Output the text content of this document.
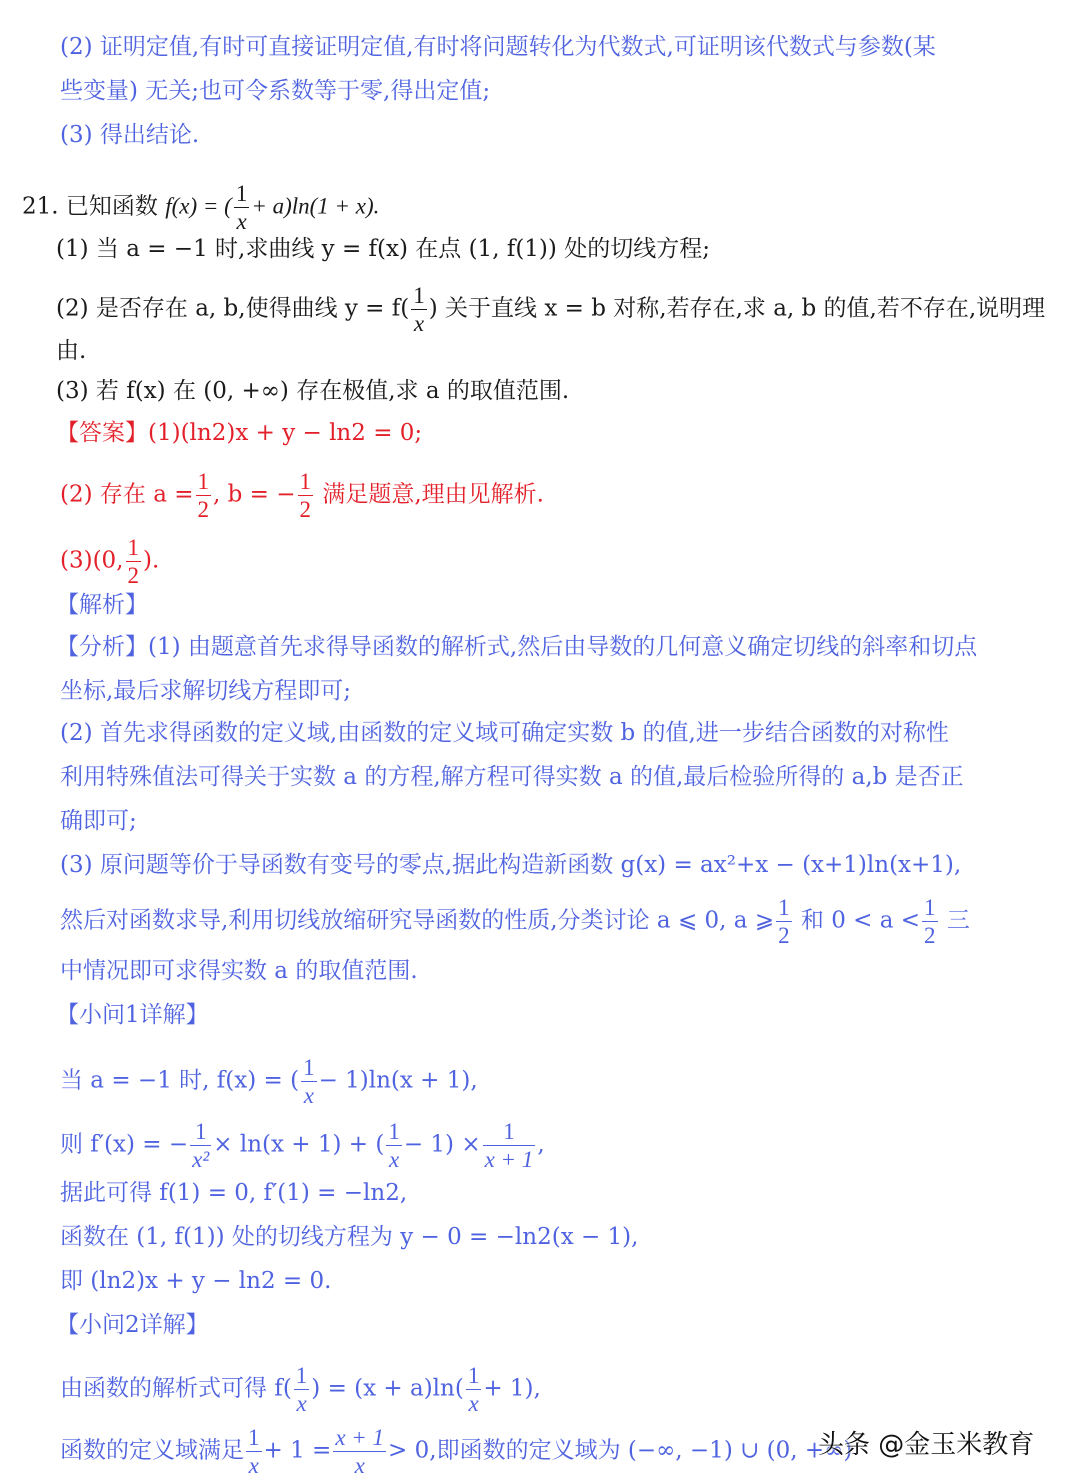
(2) 证明定值,有时可直接证明定值,有时将问题转化为代数式,可证明该代数式与参数(某
些变量) 无关;也可令系数等于零,得出定值;
(3) 得出结论.
21. 已知函数 f(x) = ( $\frac{1}{x} + a)\ln(1 + x)$.
(1) 当 a = −1 时,求曲线 y = f(x) 在点 (1, f(1)) 处的切线方程;
(2) 是否存在 a, b,使得曲线 $y = f( \frac{1}{x}$ ) 关于直线 x = b 对称,若存在,求 a, b 的值,若不存在,说明理
由.
(3) 若 f(x) 在 (0, +∞) 存在极值,求 a 的取值范围.
【答案】(1)(ln2)x + y − ln2 = 0;
(2) 存在 $a = \frac{1}{2}$ , b = − $\frac{1}{2}$ 满足题意,理由见解析.
(3)(0, $\frac{1}{2}$ ).
【解析】
【分析】(1) 由题意首先求得导函数的解析式,然后由导数的几何意义确定切线的斜率和切点
坐标,最后求解切线方程即可;
(2) 首先求得函数的定义域,由函数的定义域可确定实数 b 的值,进一步结合函数的对称性
利用特殊值法可得关于实数 a 的方程,解方程可得实数 a 的值,最后检验所得的 a,b 是否正
确即可;
(3) 原问题等价于导函数有变号的零点,据此构造新函数 g(x) = ax²+x − (x+1)ln(x+1),
然后对函数求导,利用切线放缩研究导函数的性质,分类讨论 a ⩽ 0, a ⩾ $\frac{1}{2}$ 和 $0 < a < \frac{1}{2}$ 三
中情况即可求得实数 a 的取值范围.
【小问1详解】
当 a = −1 时, f(x) = ( $\frac{1}{x} - 1)\ln(x + 1)$,
则 f′(x) = − $\frac{1}{\text{x²}} \times \ln(x + 1)$ + ( $\frac{1}{x} - 1) \times \frac{1}{x + 1}$ ,
据此可得 f(1) = 0, f′(1) = −ln2,
函数在 (1, f(1)) 处的切线方程为 y − 0 = −ln2(x − 1),
即 (ln2)x + y − ln2 = 0.
【小问2详解】
由函数的解析式可得 $f( \frac{1}{x}$ ) = $(x + a)\ln( \frac{1}{x} + 1)$,
函数的定义域满足 $\frac{1}{x} + 1 = \frac{x + 1}{x} > 0$,即函数的定义域为 (−∞, −1) ∪ (0, +∞)
头条 @金玉米教育
